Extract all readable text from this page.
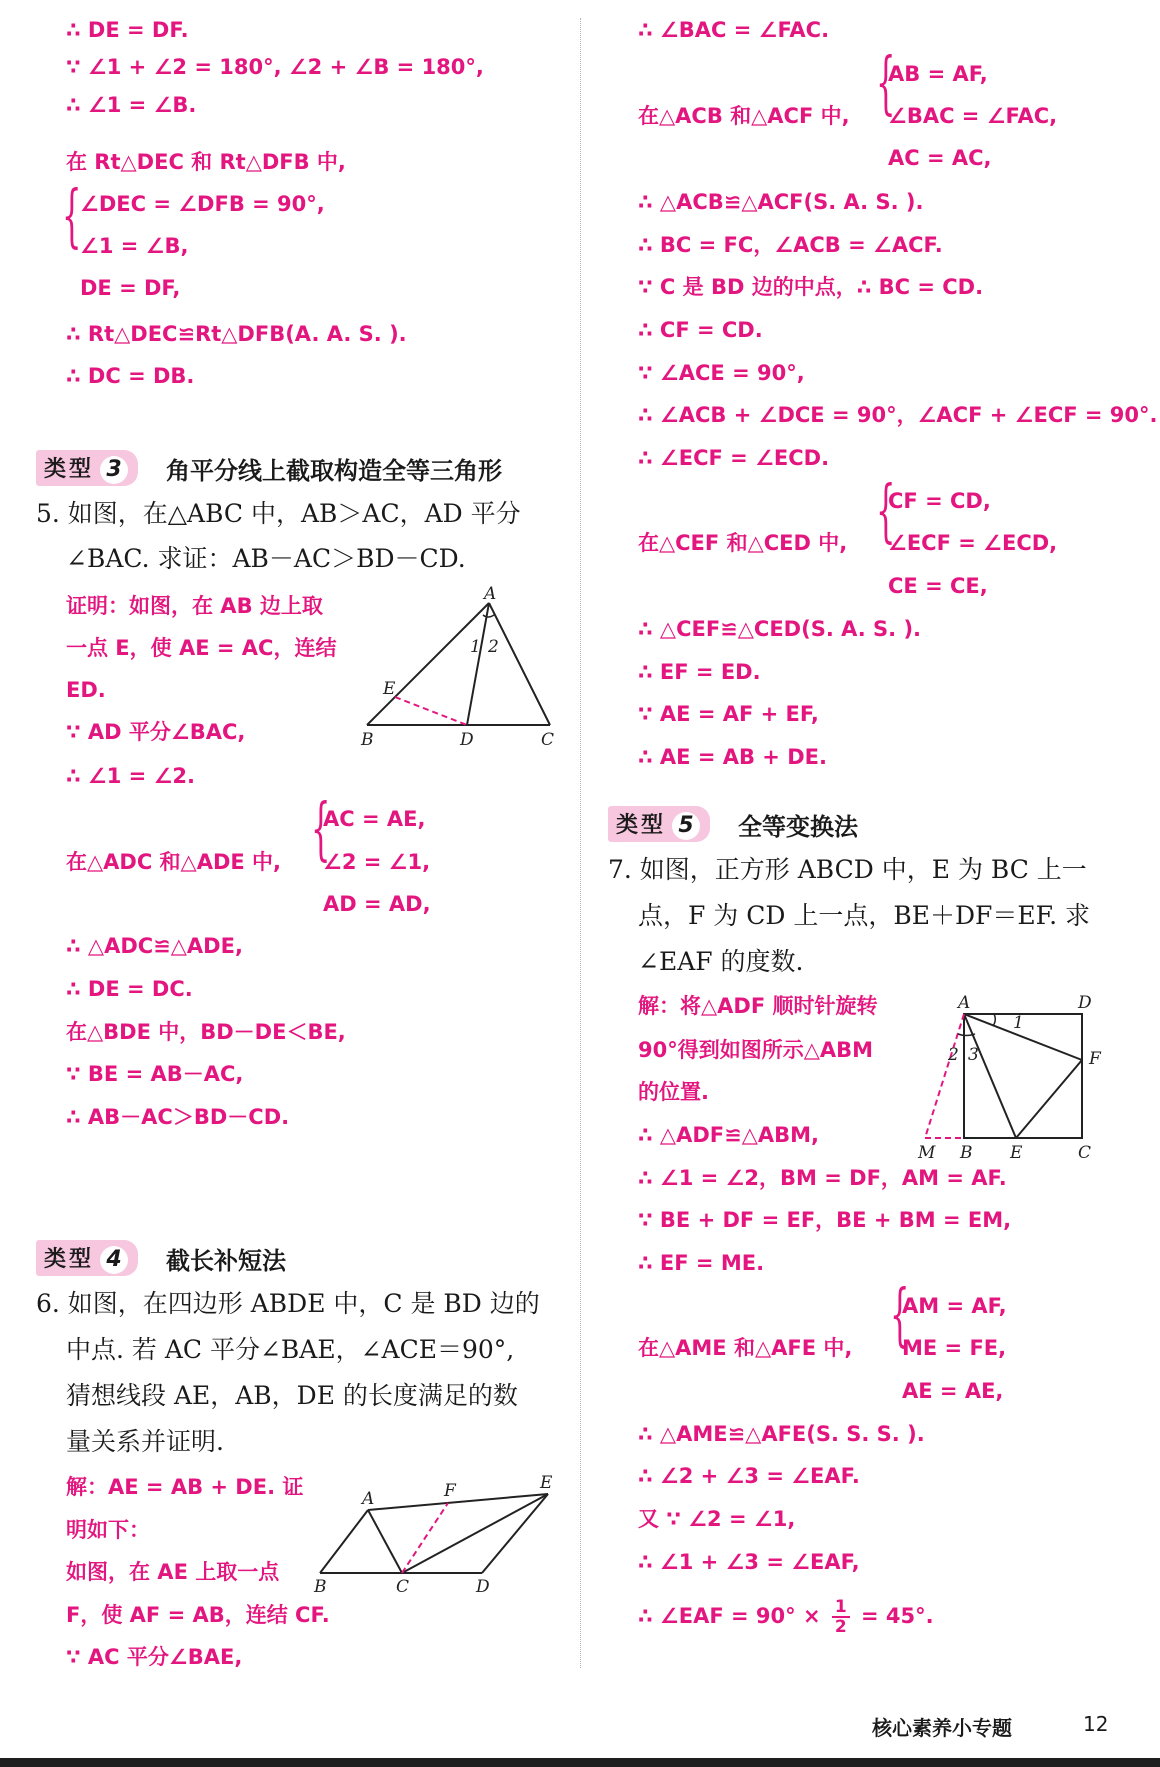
∴ DE = DF.
∵ ∠1 + ∠2 = 180°, ∠2 + ∠B = 180°,
∴ ∠1 = ∠B.
在 Rt△DEC 和 Rt△DFB 中,
{
∠DEC = ∠DFB = 90°,
∠1 = ∠B,
DE = DF,
∴ Rt△DEC≌Rt△DFB(A. A. S. ).
∴ DC = DB.
类型 3	角平分线上截取构造全等三角形
5. 如图，在△ABC 中，AB＞AC，AD 平分
∠BAC. 求证：AB－AC＞BD－CD.
证明：如图，在 AB 边上取
一点 E，使 AE = AC，连结
ED.
∵ AD 平分∠BAC,
∴ ∠1 = ∠2.
{
AC = AE,
在△ADC 和△ADE 中, ∠2 = ∠1,
AD = AD,
∴ △ADC≌△ADE,
∴ DE = DC.
在△BDE 中，BD－DE＜BE,
∵ BE = AB－AC,
∴ AB－AC＞BD－CD.
A
1 2
E
B	D	C
类型 4	截长补短法
6. 如图，在四边形 ABDE 中，C 是 BD 边的
中点. 若 AC 平分∠BAE，∠ACE＝90°,
猜想线段 AE，AB，DE 的长度满足的数
量关系并证明.
解：AE = AB + DE. 证
明如下：
如图，在 AE 上取一点
F，使 AF = AB，连结 CF.
∵ AC 平分∠BAE,
A	F	E
B	C	D
∴ ∠BAC = ∠FAC.
{
AB = AF,
在△ACB 和△ACF 中, ∠BAC = ∠FAC,
AC = AC,
∴ △ACB≌△ACF(S. A. S. ).
∴ BC = FC，∠ACB = ∠ACF.
∵ C 是 BD 边的中点，∴ BC = CD.
∴ CF = CD.
∵ ∠ACE = 90°,
∴ ∠ACB + ∠DCE = 90°，∠ACF + ∠ECF = 90°.
∴ ∠ECF = ∠ECD.
{
CF = CD,
在△CEF 和△CED 中, ∠ECF = ∠ECD,
CE = CE,
∴ △CEF≌△CED(S. A. S. ).
∴ EF = ED.
∵ AE = AF + EF,
∴ AE = AB + DE.
类型 5	全等变换法
7. 如图，正方形 ABCD 中，E 为 BC 上一
点，F 为 CD 上一点，BE＋DF＝EF. 求
∠EAF 的度数.
解：将△ADF 顺时针旋转
90°得到如图所示△ABM
的位置.
∴ △ADF≌△ABM,
∴ ∠1 = ∠2，BM = DF，AM = AF.
∵ BE + DF = EF，BE + BM = EM,
∴ EF = ME.
{
AM = AF,
在△AME 和△AFE 中, ME = FE,
AE = AE,
∴ △AME≌△AFE(S. S. S. ).
∴ ∠2 + ∠3 = ∠EAF.
又 ∵ ∠2 = ∠1,
∴ ∠1 + ∠3 = ∠EAF,
∴ ∠EAF = $90^\circ \times \frac{1}{2} = 45^\circ$.
A	D
1
F
2 3
M B E	C
核心素养小专题	12
